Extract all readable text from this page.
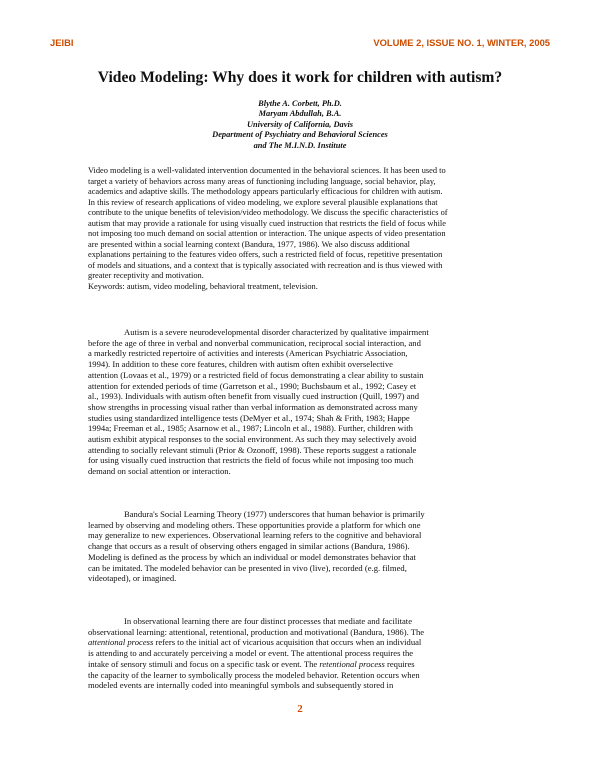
JEIBI	VOLUME 2, ISSUE NO. 1, WINTER, 2005
Video Modeling: Why does it work for children with autism?
Blythe A. Corbett, Ph.D.
Maryam Abdullah, B.A.
University of California, Davis
Department of Psychiatry and Behavioral Sciences
and The M.I.N.D. Institute
Video modeling is a well-validated intervention documented in the behavioral sciences. It has been used to
target a variety of behaviors across many areas of functioning including language, social behavior, play,
academics and adaptive skills. The methodology appears particularly efficacious for children with autism.
In this review of research applications of video modeling, we explore several plausible explanations that
contribute to the unique benefits of television/video methodology. We discuss the specific characteristics of
autism that may provide a rationale for using visually cued instruction that restricts the field of focus while
not imposing too much demand on social attention or interaction. The unique aspects of video presentation
are presented within a social learning context (Bandura, 1977, 1986). We also discuss additional
explanations pertaining to the features video offers, such a restricted field of focus, repetitive presentation
of models and situations, and a context that is typically associated with recreation and is thus viewed with
greater receptivity and motivation.
Keywords: autism, video modeling, behavioral treatment, television.
Autism is a severe neurodevelopmental disorder characterized by qualitative impairment
before the age of three in verbal and nonverbal communication, reciprocal social interaction, and
a markedly restricted repertoire of activities and interests (American Psychiatric Association,
1994). In addition to these core features, children with autism often exhibit overselective
attention (Lovaas et al., 1979) or a restricted field of focus demonstrating a clear ability to sustain
attention for extended periods of time (Garretson et al., 1990; Buchsbaum et al., 1992; Casey et
al., 1993). Individuals with autism often benefit from visually cued instruction (Quill, 1997) and
show strengths in processing visual rather than verbal information as demonstrated across many
studies using standardized intelligence tests (DeMyer et al., 1974; Shah & Frith, 1983; Happe
1994a; Freeman et al., 1985; Asarnow et al., 1987; Lincoln et al., 1988). Further, children with
autism exhibit atypical responses to the social environment. As such they may selectively avoid
attending to socially relevant stimuli (Prior & Ozonoff, 1998). These reports suggest a rationale
for using visually cued instruction that restricts the field of focus while not imposing too much
demand on social attention or interaction.
Bandura's Social Learning Theory (1977) underscores that human behavior is primarily
learned by observing and modeling others. These opportunities provide a platform for which one
may generalize to new experiences. Observational learning refers to the cognitive and behavioral
change that occurs as a result of observing others engaged in similar actions (Bandura, 1986).
Modeling is defined as the process by which an individual or model demonstrates behavior that
can be imitated. The modeled behavior can be presented in vivo (live), recorded (e.g. filmed,
videotaped), or imagined.
In observational learning there are four distinct processes that mediate and facilitate
observational learning: attentional, retentional, production and motivational (Bandura, 1986). The
attentional process refers to the initial act of vicarious acquisition that occurs when an individual
is attending to and accurately perceiving a model or event. The attentional process requires the
intake of sensory stimuli and focus on a specific task or event. The retentional process requires
the capacity of the learner to symbolically process the modeled behavior. Retention occurs when
modeled events are internally coded into meaningful symbols and subsequently stored in
2
